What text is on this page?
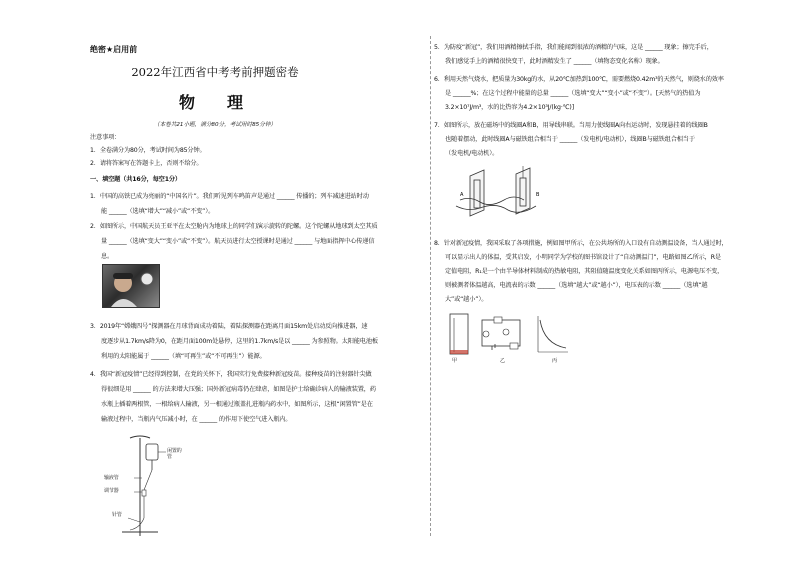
绝密★启用前
2022年江西省中考考前押题密卷
物　理
（本卷共21小题，满分80分，考试用时85分钟）
注意事项：
1．全卷满分为80分，考试时间为85分钟。
2．请将答案写在答题卡上，否则不给分。
一、填空题（共16分，每空1分）
1．中国的高铁已成为亮丽的“中国名片”。我们听见列车鸣笛声是通过 ______ 传播的；列车减速进站时动
能 ______（选填“增大”“减小”或“不变”）。
2．如图所示，中国航天员王亚平在太空舱内为地球上的同学们演示旋转的陀螺。这个陀螺从地球到太空其质
量 ______（选填“变大”“变小”或“不变”）。航天员进行太空授课时是通过 ______ 与地面指挥中心传递信
息。
3．2019年“嫦娥四号”探测器在月球背面成功着陆，着陆探测器在距离月面15km处启动反向推进器，速
度逐步从1.7km/s降为0，在距月面100m处悬停，这里的1.7km/s是以 ______ 为参照物。太阳能电池板
利用的太阳能属于 ______（填“可再生”或“不可再生”）能源。
4．我国“新冠疫情”已经得到控制，在党的关怀下，我国实行免费接种新冠疫苗。接种疫苗的注射器针尖做
得很细是用 ______ 的方法来增大压强；国外新冠病毒仍在肆虐，如图是护士给确诊病人的输液装置，药
水瓶上插着两根管，一根给病人输液，另一根通过瓶盖扎进瓶内药水中，如图所示，这根“闲置管”是在
输液过程中，当瓶内气压减小时，在 ______ 的作用下使空气进入瓶内。
输液管
调节器
针管
闲置的管
5．为防疫“新冠”，我们用酒精擦拭手指，我们能闻到很浓的酒精的气味，这是 ______ 现象；擦完手后，
我们感觉手上的酒精很快变干，此时酒精发生了 ______（填物态变化名称）现象。
6．利用天然气烧水，把质量为30kg的水，从20℃加热到100℃，需要燃烧0.42m³的天然气，则烧水的效率
是 ______%；在这个过程中能量的总量 ______（选填“变大”“变小”或“不变”）。[天然气的热值为
3.2×10⁷J/m³，水的比热容为4.2×10³J/(kg·℃)]
7．如图所示，放在磁场中的线圈A和B，用导线串联。当用力使线圈A向右运动时，发现悬挂着的线圈B
也随着摆动，此时线圈A与磁铁组合相当于 ______（发电机/电动机），线圈B与磁铁组合相当于
（发电机/电动机）。
A	B
8．针对新冠疫情，我国采取了各项措施，例如图甲所示，在公共场所的入口设有自动测温设备，当人通过时，
可以显示出人的体温，受其启发，小明同学为学校的图书馆设计了“自动测温门”，电路如图乙所示，R是
定值电阻，R₁是一个由半导体材料制成的热敏电阻，其阻值随温度变化关系如图丙所示，电源电压不变，
则被测者体温越高，电流表的示数 ______（选填“越大”或“越小”），电压表的示数 ______（选填“越
大”或“越小”）。
甲	乙	丙
